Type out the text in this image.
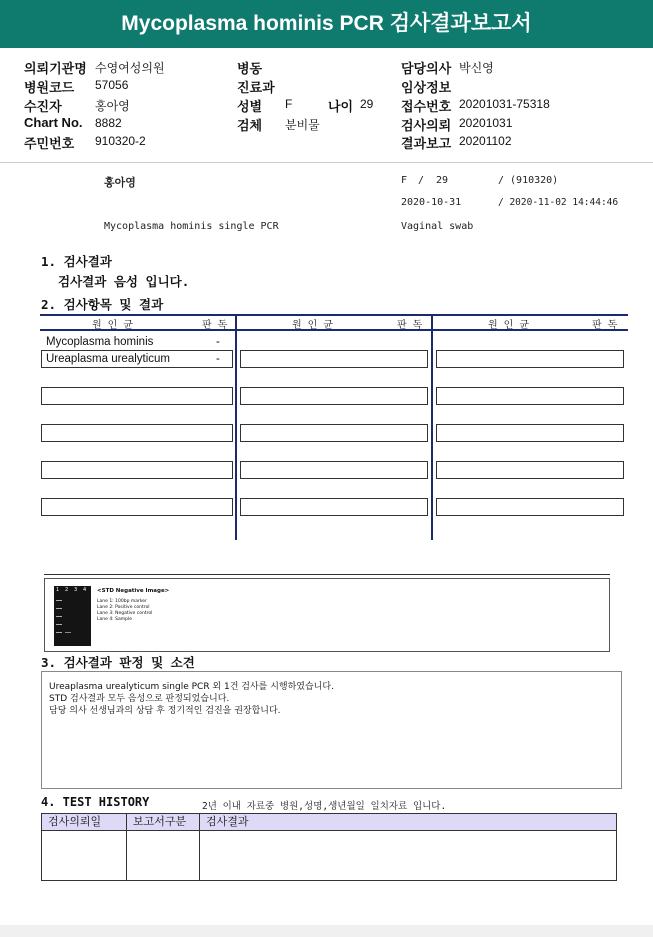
Mycoplasma hominis PCR 검사결과보고서
의뢰기관명 수영여성의원
병원코드 57056
수진자	홍아영
Chart No. 8882
주민번호 910320-2
병동
진료과
성별 F	나이 29
검체 분비물
담당의사 박신영
임상정보
접수번호 20201031-75318
검사의뢰 20201031
결과보고 20201102
홍아영	F / 29	/ (910320)
2020-10-31	/ 2020-11-02 14:44:46
Mycoplasma hominis single PCR	Vaginal swab
1. 검사결과
검사결과 음성 입니다.
2. 검사항목 및 결과
원 인 균	판 독	원 인 균	판 독	원 인 균	판 독
Mycoplasma hominis	-
Ureaplasma urealyticum	-
1 2 3 4 <STD Negative Image>
Lane 1: 100bp marker
Lane 2: Positive control
Lane 3: Negative control
Lane 4: Sample
3. 검사결과 판정 및 소견
Ureaplasma urealyticum single PCR 외 1건 검사를 시행하였습니다.
STD 검사결과 모두 음성으로 판정되었습니다.
담당 의사 선생님과의 상담 후 정기적인 검진을 권장합니다.
4. TEST HISTORY	2년 이내 자료중 병원,성명,생년월일 일치자료 입니다.
검사의뢰일	보고서구분	검사결과
